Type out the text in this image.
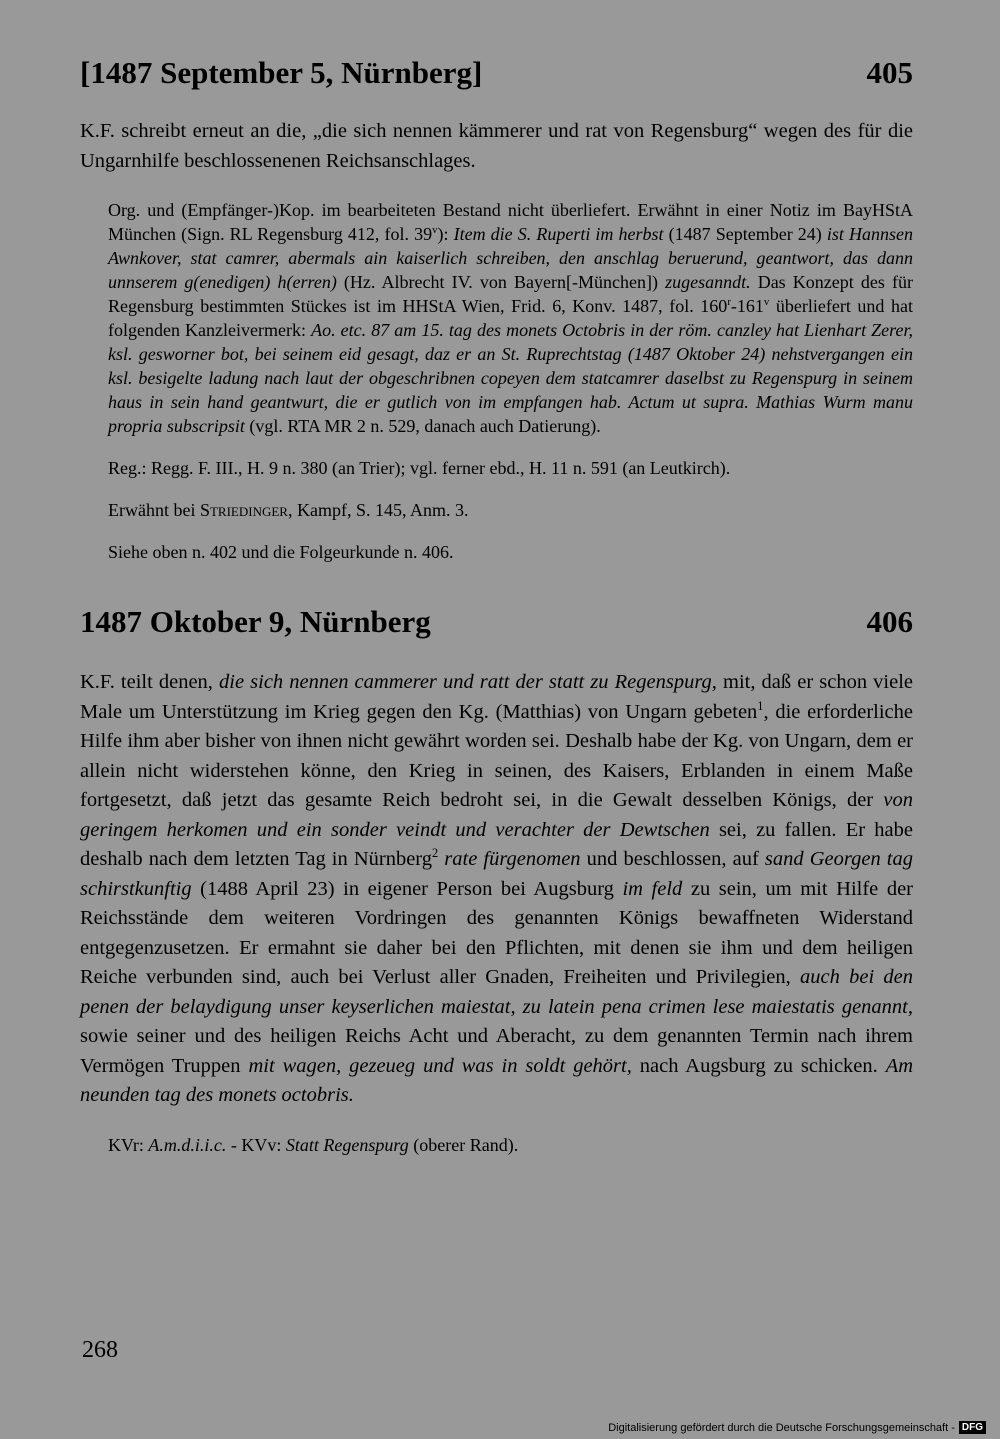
[1487 September 5, Nürnberg]	405

K.F. schreibt erneut an die, „die sich nennen kämmerer und rat von Regensburg“ wegen des für die Ungarnhilfe beschlossenenen Reichsanschlages.

Org. und (Empfänger-)Kop. im bearbeiteten Bestand nicht überliefert. Erwähnt in einer Notiz im BayHStA München (Sign. RL Regensburg 412, fol. 39$^v$): Item die S. Ruperti im herbst (1487 September 24) ist Hannsen Awnkover, stat camrer, abermals ain kaiserlich schreiben, den anschlag beruerund, geantwort, das dann unnserem g(enedigen) h(erren) (Hz. Albrecht IV. von Bayern[-München]) zugesanndt. Das Konzept des für Regensburg bestimmten Stückes ist im HHStA Wien, Frid. 6, Konv. 1487, fol. 160$^r$-161$^v$ überliefert und hat folgenden Kanzleivermerk: Ao. etc. 87 am 15. tag des monets Octobris in der röm. canzley hat Lienhart Zerer, ksl. gesworner bot, bei seinem eid gesagt, daz er an St. Ruprechtstag (1487 Oktober 24) nehstvergangen ein ksl. besigelte ladung nach laut der obgeschribnen copeyen dem statcamrer daselbst zu Regenspurg in seinem haus in sein hand geantwurt, die er gutlich von im empfangen hab. Actum ut supra. Mathias Wurm manu propria subscripsit (vgl. RTA MR 2 n. 529, danach auch Datierung).

Reg.: Regg. F. III., H. 9 n. 380 (an Trier); vgl. ferner ebd., H. 11 n. 591 (an Leutkirch).

Erwähnt bei Striedinger, Kampf, S. 145, Anm. 3.

Siehe oben n. 402 und die Folgeurkunde n. 406.

1487 Oktober 9, Nürnberg	406

K.F. teilt denen, die sich nennen cammerer und ratt der statt zu Regenspurg, mit, daß er schon viele Male um Unterstützung im Krieg gegen den Kg. (Matthias) von Ungarn gebeten$^1$, die erforderliche Hilfe ihm aber bisher von ihnen nicht gewährt worden sei. Deshalb habe der Kg. von Ungarn, dem er allein nicht widerstehen könne, den Krieg in seinen, des Kaisers, Erblanden in einem Maße fortgesetzt, daß jetzt das gesamte Reich bedroht sei, in die Gewalt desselben Königs, der von geringem herkomen und ein sonder veindt und verachter der Dewtschen sei, zu fallen. Er habe deshalb nach dem letzten Tag in Nürnberg$^2$ rate fürgenomen und beschlossen, auf sand Georgen tag schirstkunftig (1488 April 23) in eigener Person bei Augsburg im feld zu sein, um mit Hilfe der Reichsstände dem weiteren Vordringen des genannten Königs bewaffneten Widerstand entgegenzusetzen. Er ermahnt sie daher bei den Pflichten, mit denen sie ihm und dem heiligen Reiche verbunden sind, auch bei Verlust aller Gnaden, Freiheiten und Privilegien, auch bei den penen der belaydigung unser keyserlichen maiestat, zu latein pena crimen lese maiestatis genannt, sowie seiner und des heiligen Reichs Acht und Aberacht, zu dem genannten Termin nach ihrem Vermögen Truppen mit wagen, gezeueg und was in soldt gehört, nach Augsburg zu schicken. Am neunden tag des monets octobris.

KVr: A.m.d.i.i.c. - KVv: Statt Regenspurg (oberer Rand).

268
Digitalisierung gefördert durch die Deutsche Forschungsgemeinschaft - DFG
